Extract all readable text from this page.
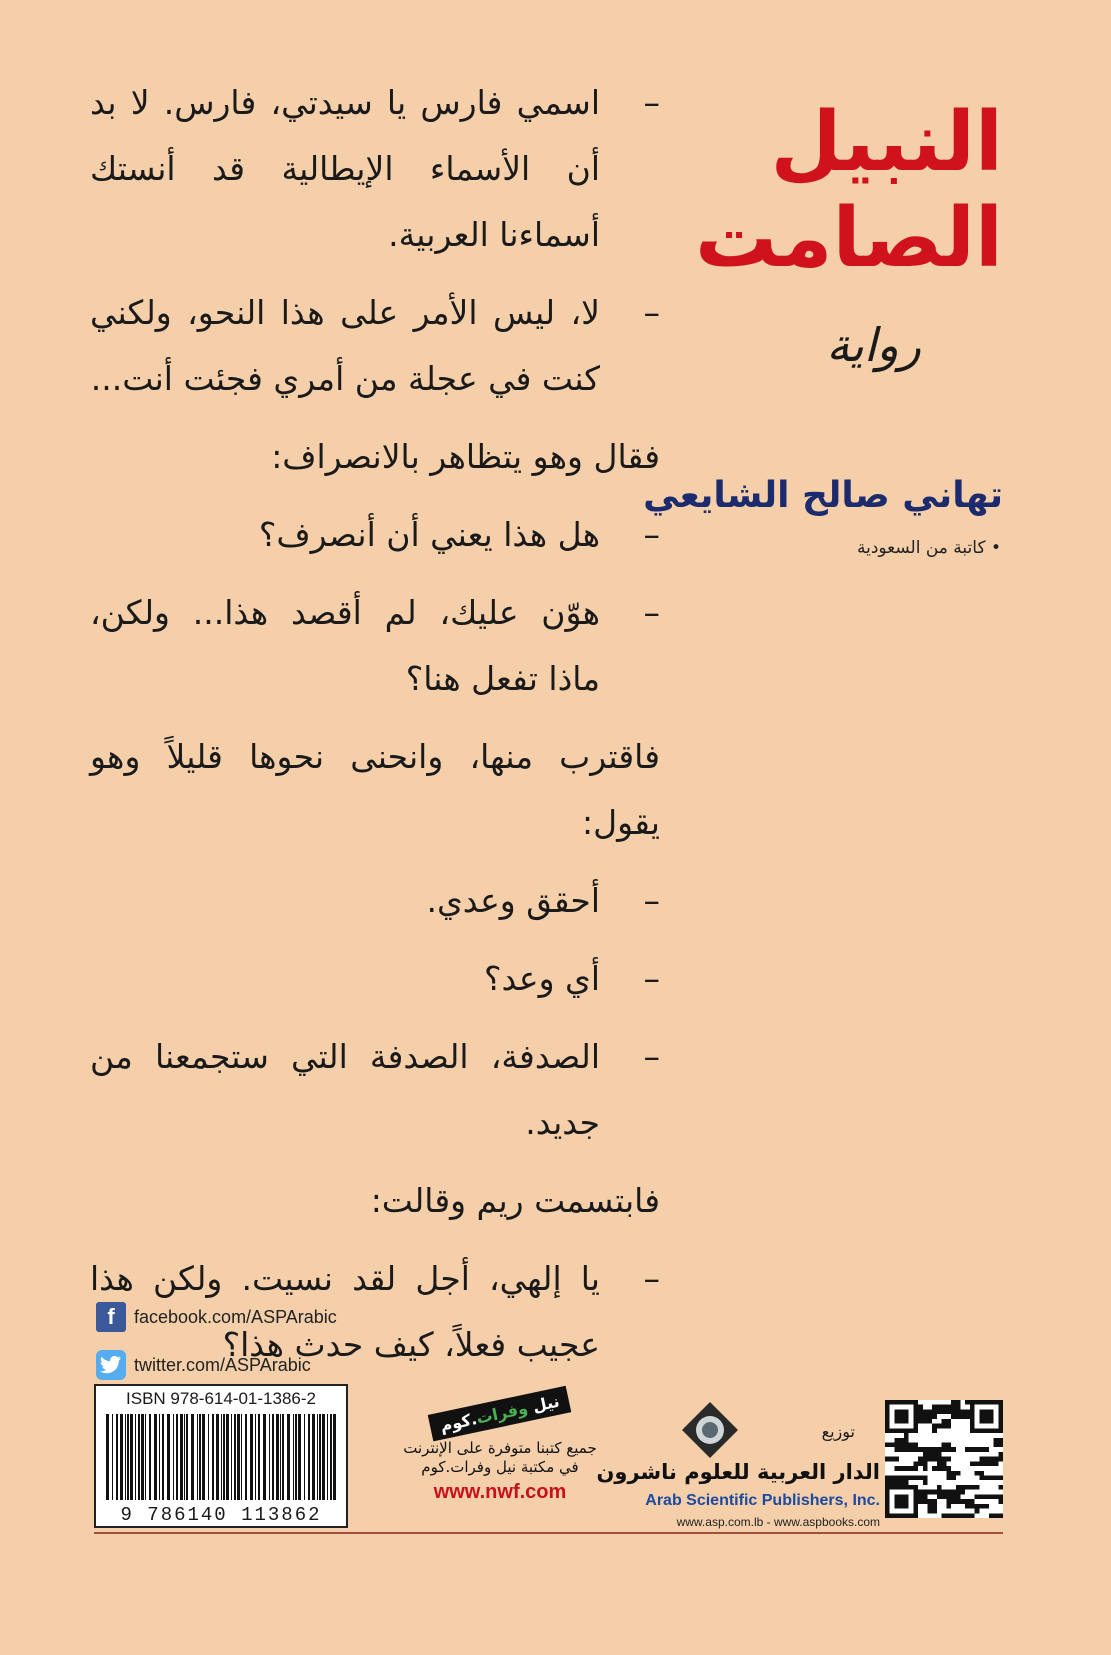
– اسمي فارس يا سيدتي، فارس. لا بد أن الأسماء الإيطالية قد أنستك أسماءنا العربية.

– لا، ليس الأمر على هذا النحو، ولكني كنت في عجلة من أمري فجئت أنت...

فقال وهو يتظاهر بالانصراف:

– هل هذا يعني أن أنصرف؟

– هوّن عليك، لم أقصد هذا... ولكن، ماذا تفعل هنا؟

فاقترب منها، وانحنى نحوها قليلاً وهو يقول:

– أحقق وعدي.

– أي وعد؟

– الصدفة، الصدفة التي ستجمعنا من جديد.

فابتسمت ريم وقالت:

– يا إلهي، أجل لقد نسيت. ولكن هذا عجيب فعلاً، كيف حدث هذا؟

النبيل
الصامت
رواية
تهاني صالح الشايعي
• كاتبة من السعودية
f	facebook.com/ASPArabic
twitter.com/ASPArabic
ISBN 978-614-01-1386-2
9 786140 113862
نيل وفرات.كوم
جميع كتبنا متوفرة على الإنترنت
في مكتبة نيل وفرات.كوم
www.nwf.com
توزيع
الدار العربية للعلوم ناشرون
Arab Scientific Publishers, Inc.
www.asp.com.lb - www.aspbooks.com
